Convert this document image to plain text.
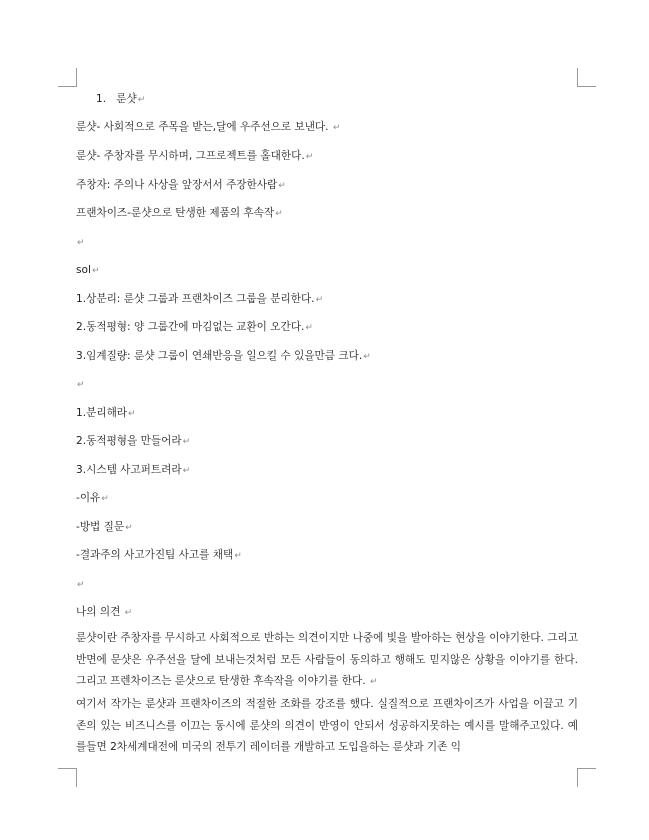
1. 룬샷↵
룬샷- 사회적으로 주목을 받는,달에 우주선으로 보낸다. ↵
룬샷- 주창자를 무시하며, 그프로젝트를 홀대한다.↵
주창자: 주의나 사상을 앞장서서 주장한사람↵
프랜차이즈-룬샷으로 탄생한 제품의 후속작↵
↵
sol↵
1.상분리: 룬샷 그룹과 프랜차이즈 그룹을 분리한다.↵
2.동적평형: 양 그룹간에 마김없는 교환이 오간다.↵
3.임계질량: 룬샷 그룹이 연쇄반응을 일으킬 수 있을만큼 크다.↵
↵
1.분리해라↵
2.동적평형을 만들어라↵
3.시스템 사고퍼트려라↵
-이유↵
-방법 질문↵
-결과주의 사고가진팀 사고를 채택↵
↵
나의 의견 ↵
룬샷이란 주창자를 무시하고 사회적으로 반하는 의견이지만 나중에 빛을 발아하는 현상을 이야기한다. 그리고 반면에 문샷은 우주선을 달에 보내는것처럼 모든 사람들이 동의하고 행해도 믿지않은 상황을 이야기를 한다. 그리고 프렌차이즈는 룬샷으로 탄생한 후속작을 이야기를 한다. ↵
여기서 작가는 룬샷과 프랜차이즈의 적절한 조화를 강조를 했다. 실질적으로 프랜차이즈가 사업을 이끌고 기존의 있는 비즈니스를 이끄는 동시에 룬샷의 의견이 반영이 안되서 성공하지못하는 예시를 말해주고있다. 예를들면 2차세계대전에 미국의 전투기 레이더를 개발하고 도입을하는 룬샷과 기존 익
